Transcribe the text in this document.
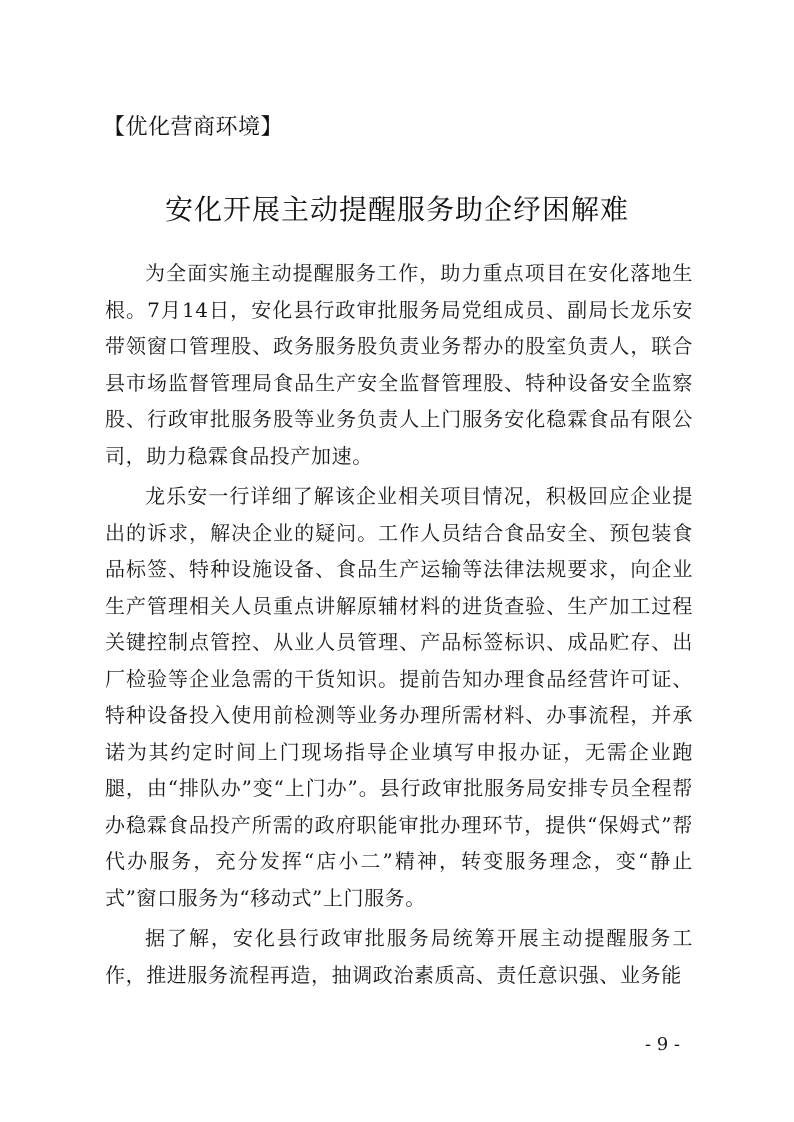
【优化营商环境】
安化开展主动提醒服务助企纾困解难

为全面实施主动提醒服务工作，助力重点项目在安化落地生根。7月14日，安化县行政审批服务局党组成员、副局长龙乐安带领窗口管理股、政务服务股负责业务帮办的股室负责人，联合县市场监督管理局食品生产安全监督管理股、特种设备安全监察股、行政审批服务股等业务负责人上门服务安化稳霖食品有限公司，助力稳霖食品投产加速。

龙乐安一行详细了解该企业相关项目情况，积极回应企业提出的诉求，解决企业的疑问。工作人员结合食品安全、预包装食品标签、特种设施设备、食品生产运输等法律法规要求，向企业生产管理相关人员重点讲解原辅材料的进货查验、生产加工过程关键控制点管控、从业人员管理、产品标签标识、成品贮存、出厂检验等企业急需的干货知识。提前告知办理食品经营许可证、特种设备投入使用前检测等业务办理所需材料、办事流程，并承诺为其约定时间上门现场指导企业填写申报办证，无需企业跑腿，由“排队办”变“上门办”。县行政审批服务局安排专员全程帮办稳霖食品投产所需的政府职能审批办理环节，提供“保姆式”帮代办服务，充分发挥“店小二”精神，转变服务理念，变“静止式”窗口服务为“移动式”上门服务。

据了解，安化县行政审批服务局统筹开展主动提醒服务工作，推进服务流程再造，抽调政治素质高、责任意识强、业务能

- 9 -
